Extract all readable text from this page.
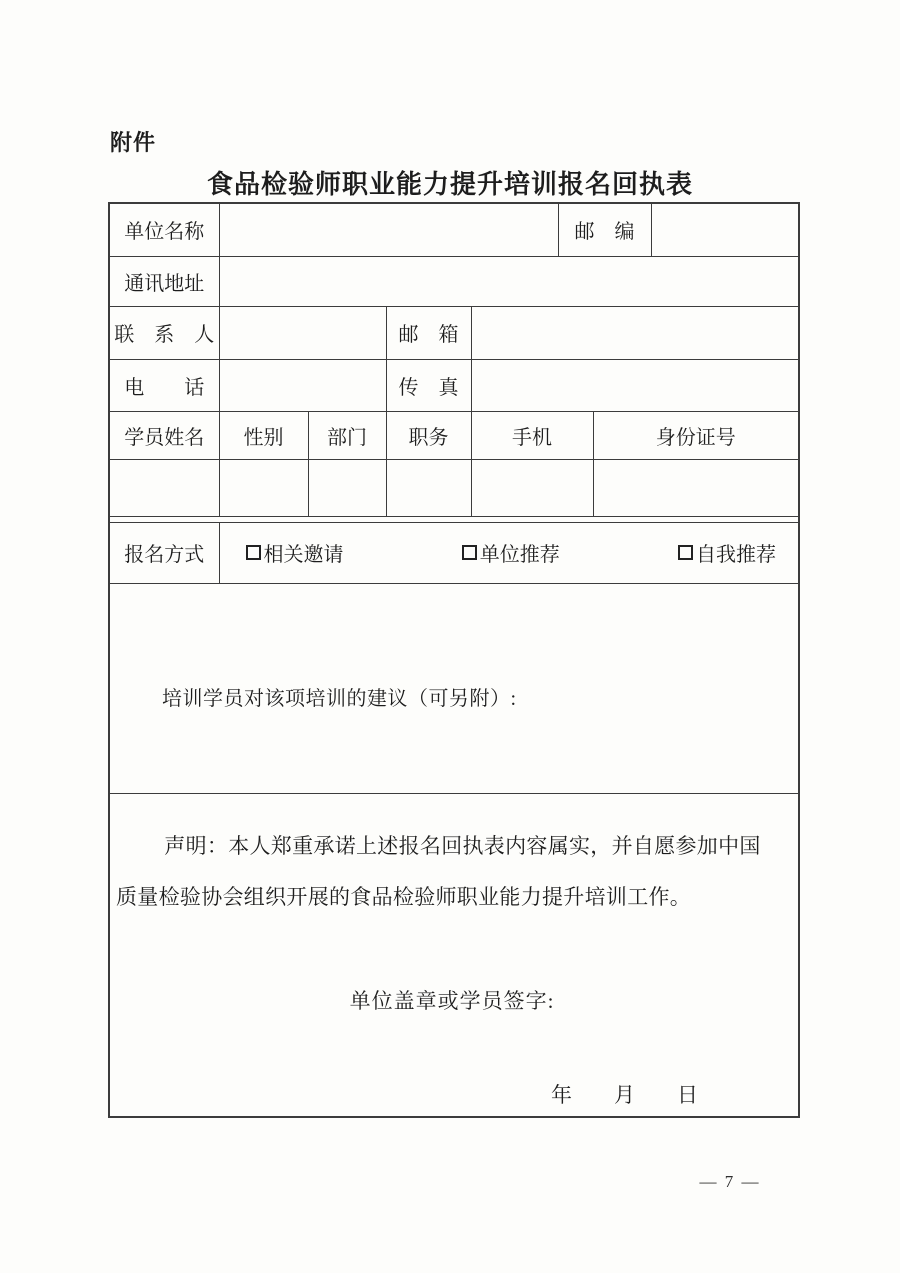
附件
食品检验师职业能力提升培训报名回执表
单位名称					邮　编		
通讯地址							
联　系　人			邮　箱				
电　　话			传　真				
学员姓名	性别	部门	职务	手机		身份证号	

报名方式	相关邀请 单位推荐 自我推荐						

培训学员对该项培训的建议（可另附）:							

声明：本人郑重承诺上述报名回执表内容属实，并自愿参加中国
质量检验协会组织开展的食品检验师职业能力提升培训工作。
单位盖章或学员签字:
年　　月　　日							
— 7 —
